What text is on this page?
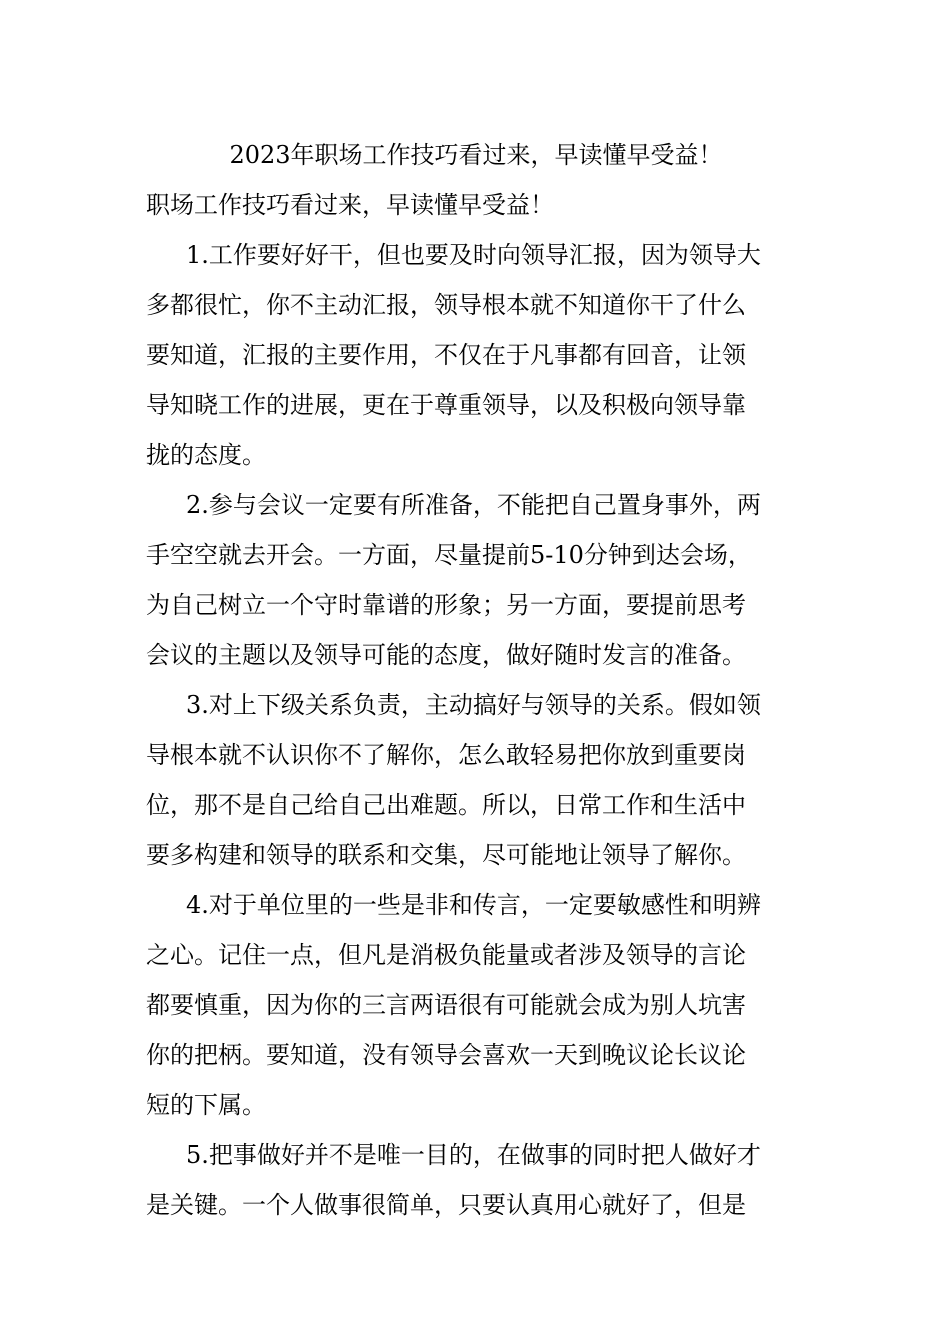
2023年职场工作技巧看过来，早读懂早受益！
职场工作技巧看过来，早读懂早受益！
1.工作要好好干，但也要及时向领导汇报，因为领导大
多都很忙，你不主动汇报，领导根本就不知道你干了什么
要知道，汇报的主要作用，不仅在于凡事都有回音，让领
导知晓工作的进展，更在于尊重领导，以及积极向领导靠
拢的态度。
2.参与会议一定要有所准备，不能把自己置身事外，两
手空空就去开会。一方面，尽量提前5-10分钟到达会场，
为自己树立一个守时靠谱的形象；另一方面，要提前思考
会议的主题以及领导可能的态度，做好随时发言的准备。
3.对上下级关系负责，主动搞好与领导的关系。假如领
导根本就不认识你不了解你，怎么敢轻易把你放到重要岗
位，那不是自己给自己出难题。所以，日常工作和生活中
要多构建和领导的联系和交集，尽可能地让领导了解你。
4.对于单位里的一些是非和传言，一定要敏感性和明辨
之心。记住一点，但凡是消极负能量或者涉及领导的言论
都要慎重，因为你的三言两语很有可能就会成为别人坑害
你的把柄。要知道，没有领导会喜欢一天到晚议论长议论
短的下属。
5.把事做好并不是唯一目的，在做事的同时把人做好才
是关键。一个人做事很简单，只要认真用心就好了，但是
